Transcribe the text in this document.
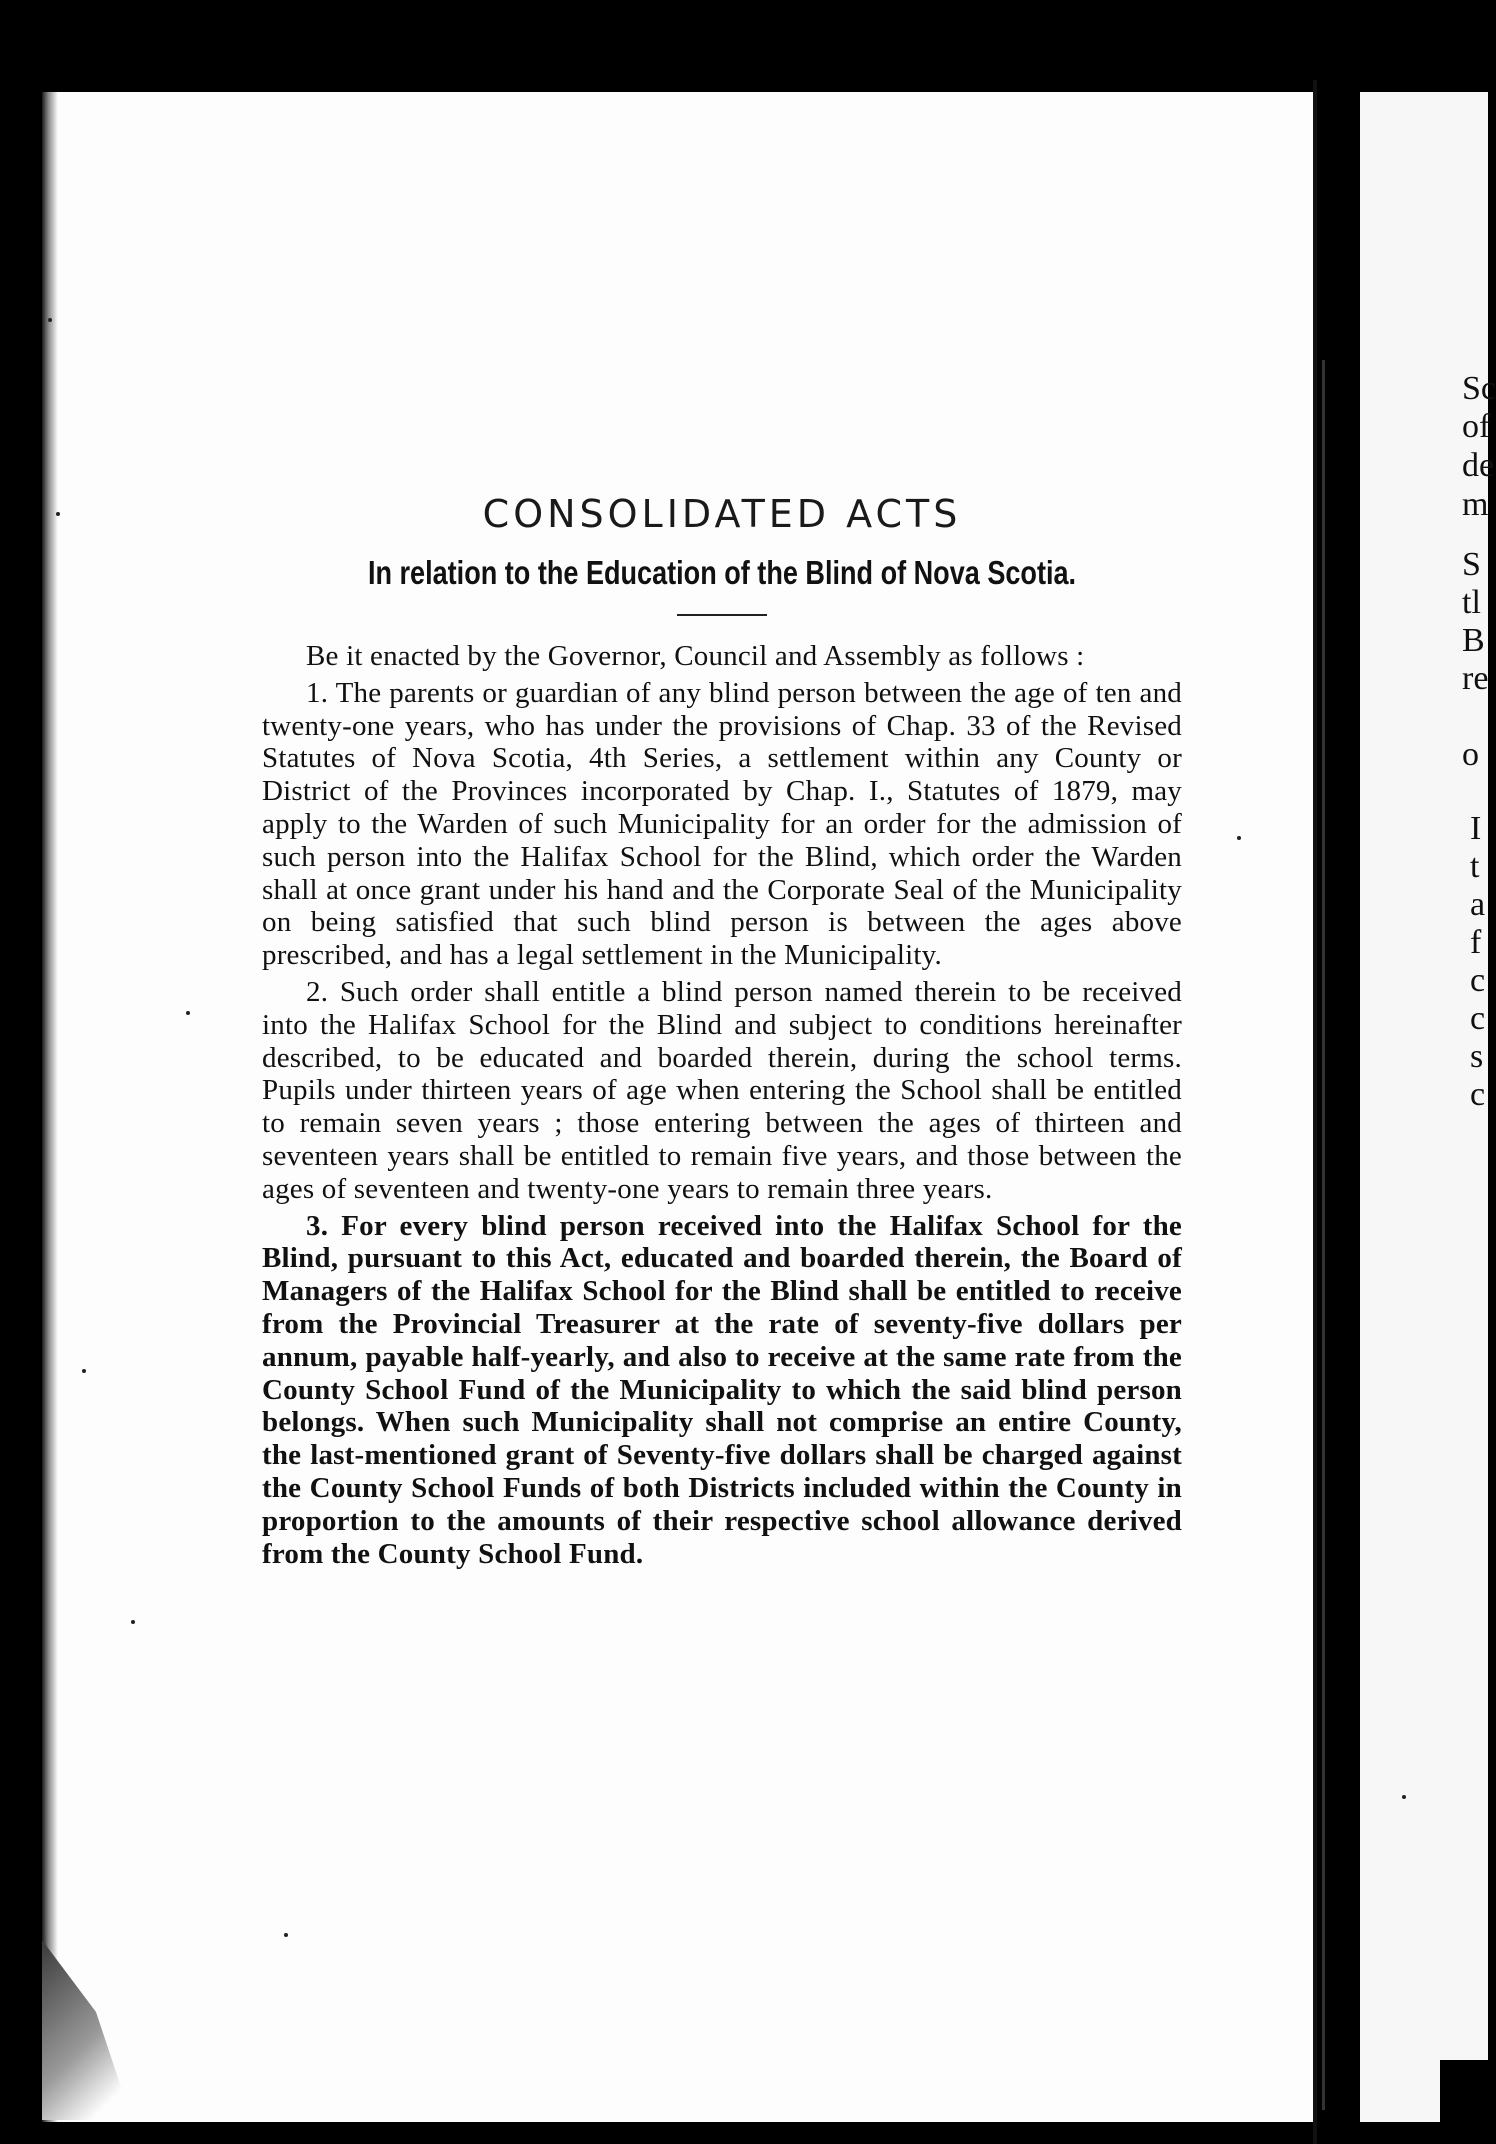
Sc
of
de
m
S
tl
B
re
o
I
t
a
f
c
c
s
c
CONSOLIDATED ACTS
In relation to the Education of the Blind of Nova Scotia.

Be it enacted by the Governor, Council and Assembly as follows :

1. The parents or guardian of any blind person between the age of ten and twenty-one years, who has under the provisions of Chap. 33 of the Revised Statutes of Nova Scotia, 4th Series, a settlement within any County or District of the Provinces incorporated by Chap. I., Statutes of 1879, may apply to the Warden of such Municipality for an order for the admission of such person into the Halifax School for the Blind, which order the Warden shall at once grant under his hand and the Corporate Seal of the Municipality on being satisfied that such blind person is between the ages above prescribed, and has a legal settlement in the Municipality.

2. Such order shall entitle a blind person named therein to be received into the Halifax School for the Blind and subject to conditions hereinafter described, to be educated and boarded therein, during the school terms. Pupils under thirteen years of age when entering the School shall be entitled to remain seven years ; those entering between the ages of thirteen and seventeen years shall be entitled to remain five years, and those between the ages of seventeen and twenty-one years to remain three years.

3. For every blind person received into the Halifax School for the Blind, pursuant to this Act, educated and boarded therein, the Board of Managers of the Halifax School for the Blind shall be entitled to receive from the Provincial Treasurer at the rate of seventy-five dollars per annum, payable half-yearly, and also to receive at the same rate from the County School Fund of the Municipality to which the said blind person belongs. When such Municipality shall not comprise an entire County, the last-mentioned grant of Seventy-five dollars shall be charged against the County School Funds of both Districts included within the County in proportion to the amounts of their respective school allowance derived from the County School Fund.
